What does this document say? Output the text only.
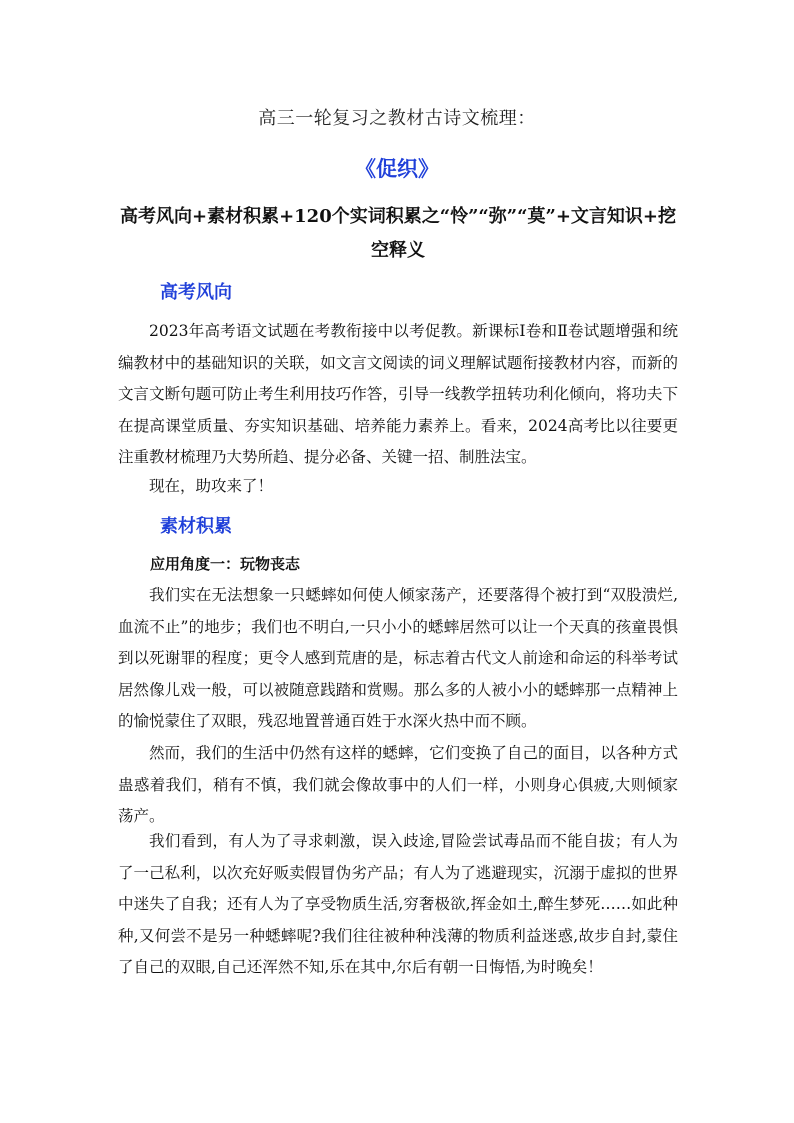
高三一轮复习之教材古诗文梳理：
《促织》
高考风向+素材积累+120个实词积累之“怜”“弥”“莫”+文言知识+挖空释义
高考风向

2023年高考语文试题在考教衔接中以考促教。新课标Ⅰ卷和Ⅱ卷试题增强和统编教材中的基础知识的关联，如文言文阅读的词义理解试题衔接教材内容，而新的文言文断句题可防止考生利用技巧作答，引导一线教学扭转功利化倾向，将功夫下在提高课堂质量、夯实知识基础、培养能力素养上。看来，2024高考比以往要更注重教材梳理乃大势所趋、提分必备、关键一招、制胜法宝。

现在，助攻来了！

素材积累
应用角度一：玩物丧志

我们实在无法想象一只蟋蟀如何使人倾家荡产，还要落得个被打到“双股溃烂,血流不止”的地步；我们也不明白,一只小小的蟋蟀居然可以让一个天真的孩童畏惧到以死谢罪的程度；更令人感到荒唐的是，标志着古代文人前途和命运的科举考试居然像儿戏一般，可以被随意践踏和赏赐。那么多的人被小小的蟋蟀那一点精神上的愉悦蒙住了双眼，残忍地置普通百姓于水深火热中而不顾。

然而，我们的生活中仍然有这样的蟋蟀，它们变换了自己的面目，以各种方式蛊惑着我们，稍有不慎，我们就会像故事中的人们一样，小则身心俱疲,大则倾家荡产。

我们看到，有人为了寻求刺激，误入歧途,冒险尝试毒品而不能自拔；有人为了一己私利，以次充好贩卖假冒伪劣产品；有人为了逃避现实，沉溺于虚拟的世界中迷失了自我；还有人为了享受物质生活,穷奢极欲,挥金如土,醉生梦死……如此种种,又何尝不是另一种蟋蟀呢?我们往往被种种浅薄的物质利益迷惑,故步自封,蒙住了自己的双眼,自己还浑然不知,乐在其中,尔后有朝一日悔悟,为时晚矣！
